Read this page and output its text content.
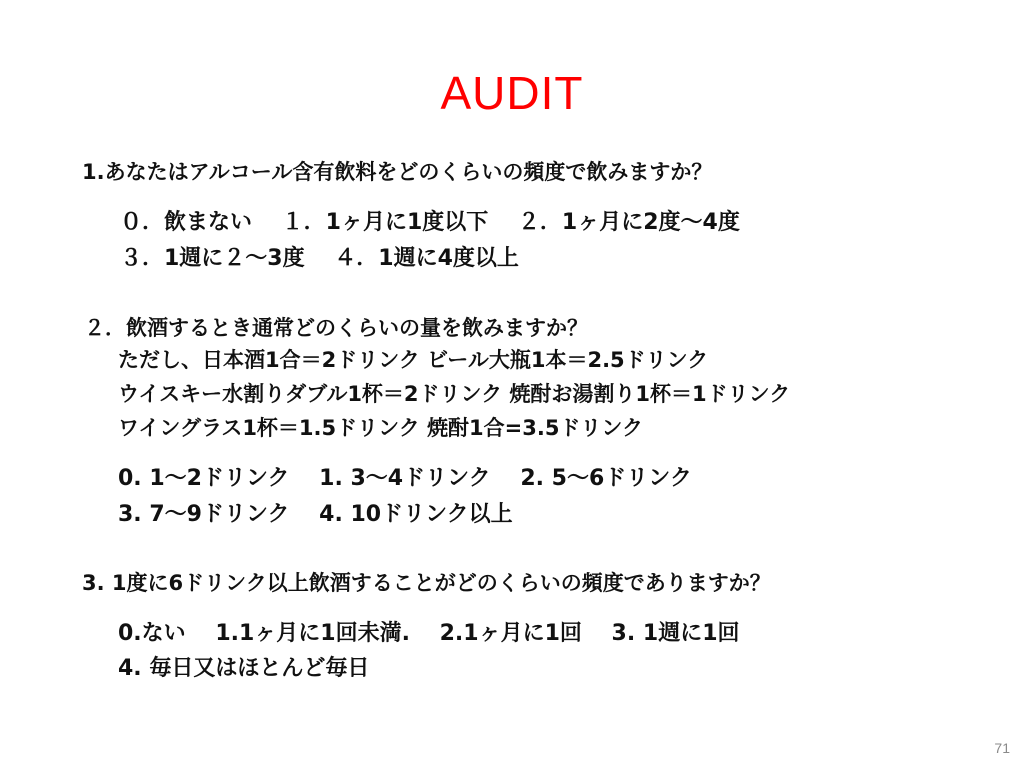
AUDIT
1.あなたはアルコール含有飲料をどのくらいの頻度で飲みますか？
０．飲まない　 １．1ヶ月に1度以下　 ２．1ヶ月に2度～4度
３．1週に２～3度　 ４．1週に4度以上
２．飲酒するとき通常どのくらいの量を飲みますか？
ただし、日本酒1合＝2ドリンク ビール大瓶1本＝2.5ドリンク
ウイスキー水割りダブル1杯＝2ドリンク 焼酎お湯割り1杯＝1ドリンク
ワイングラス1杯＝1.5ドリンク 焼酎1合=3.5ドリンク
0. 1～2ドリンク　 1. 3～4ドリンク　 2. 5～6ドリンク
3. 7～9ドリンク　 4. 10ドリンク以上
3. 1度に6ドリンク以上飲酒することがどのくらいの頻度でありますか？
0.ない　 1.1ヶ月に1回未満.　 2.1ヶ月に1回　 3. 1週に1回
4. 毎日又はほとんど毎日
71
